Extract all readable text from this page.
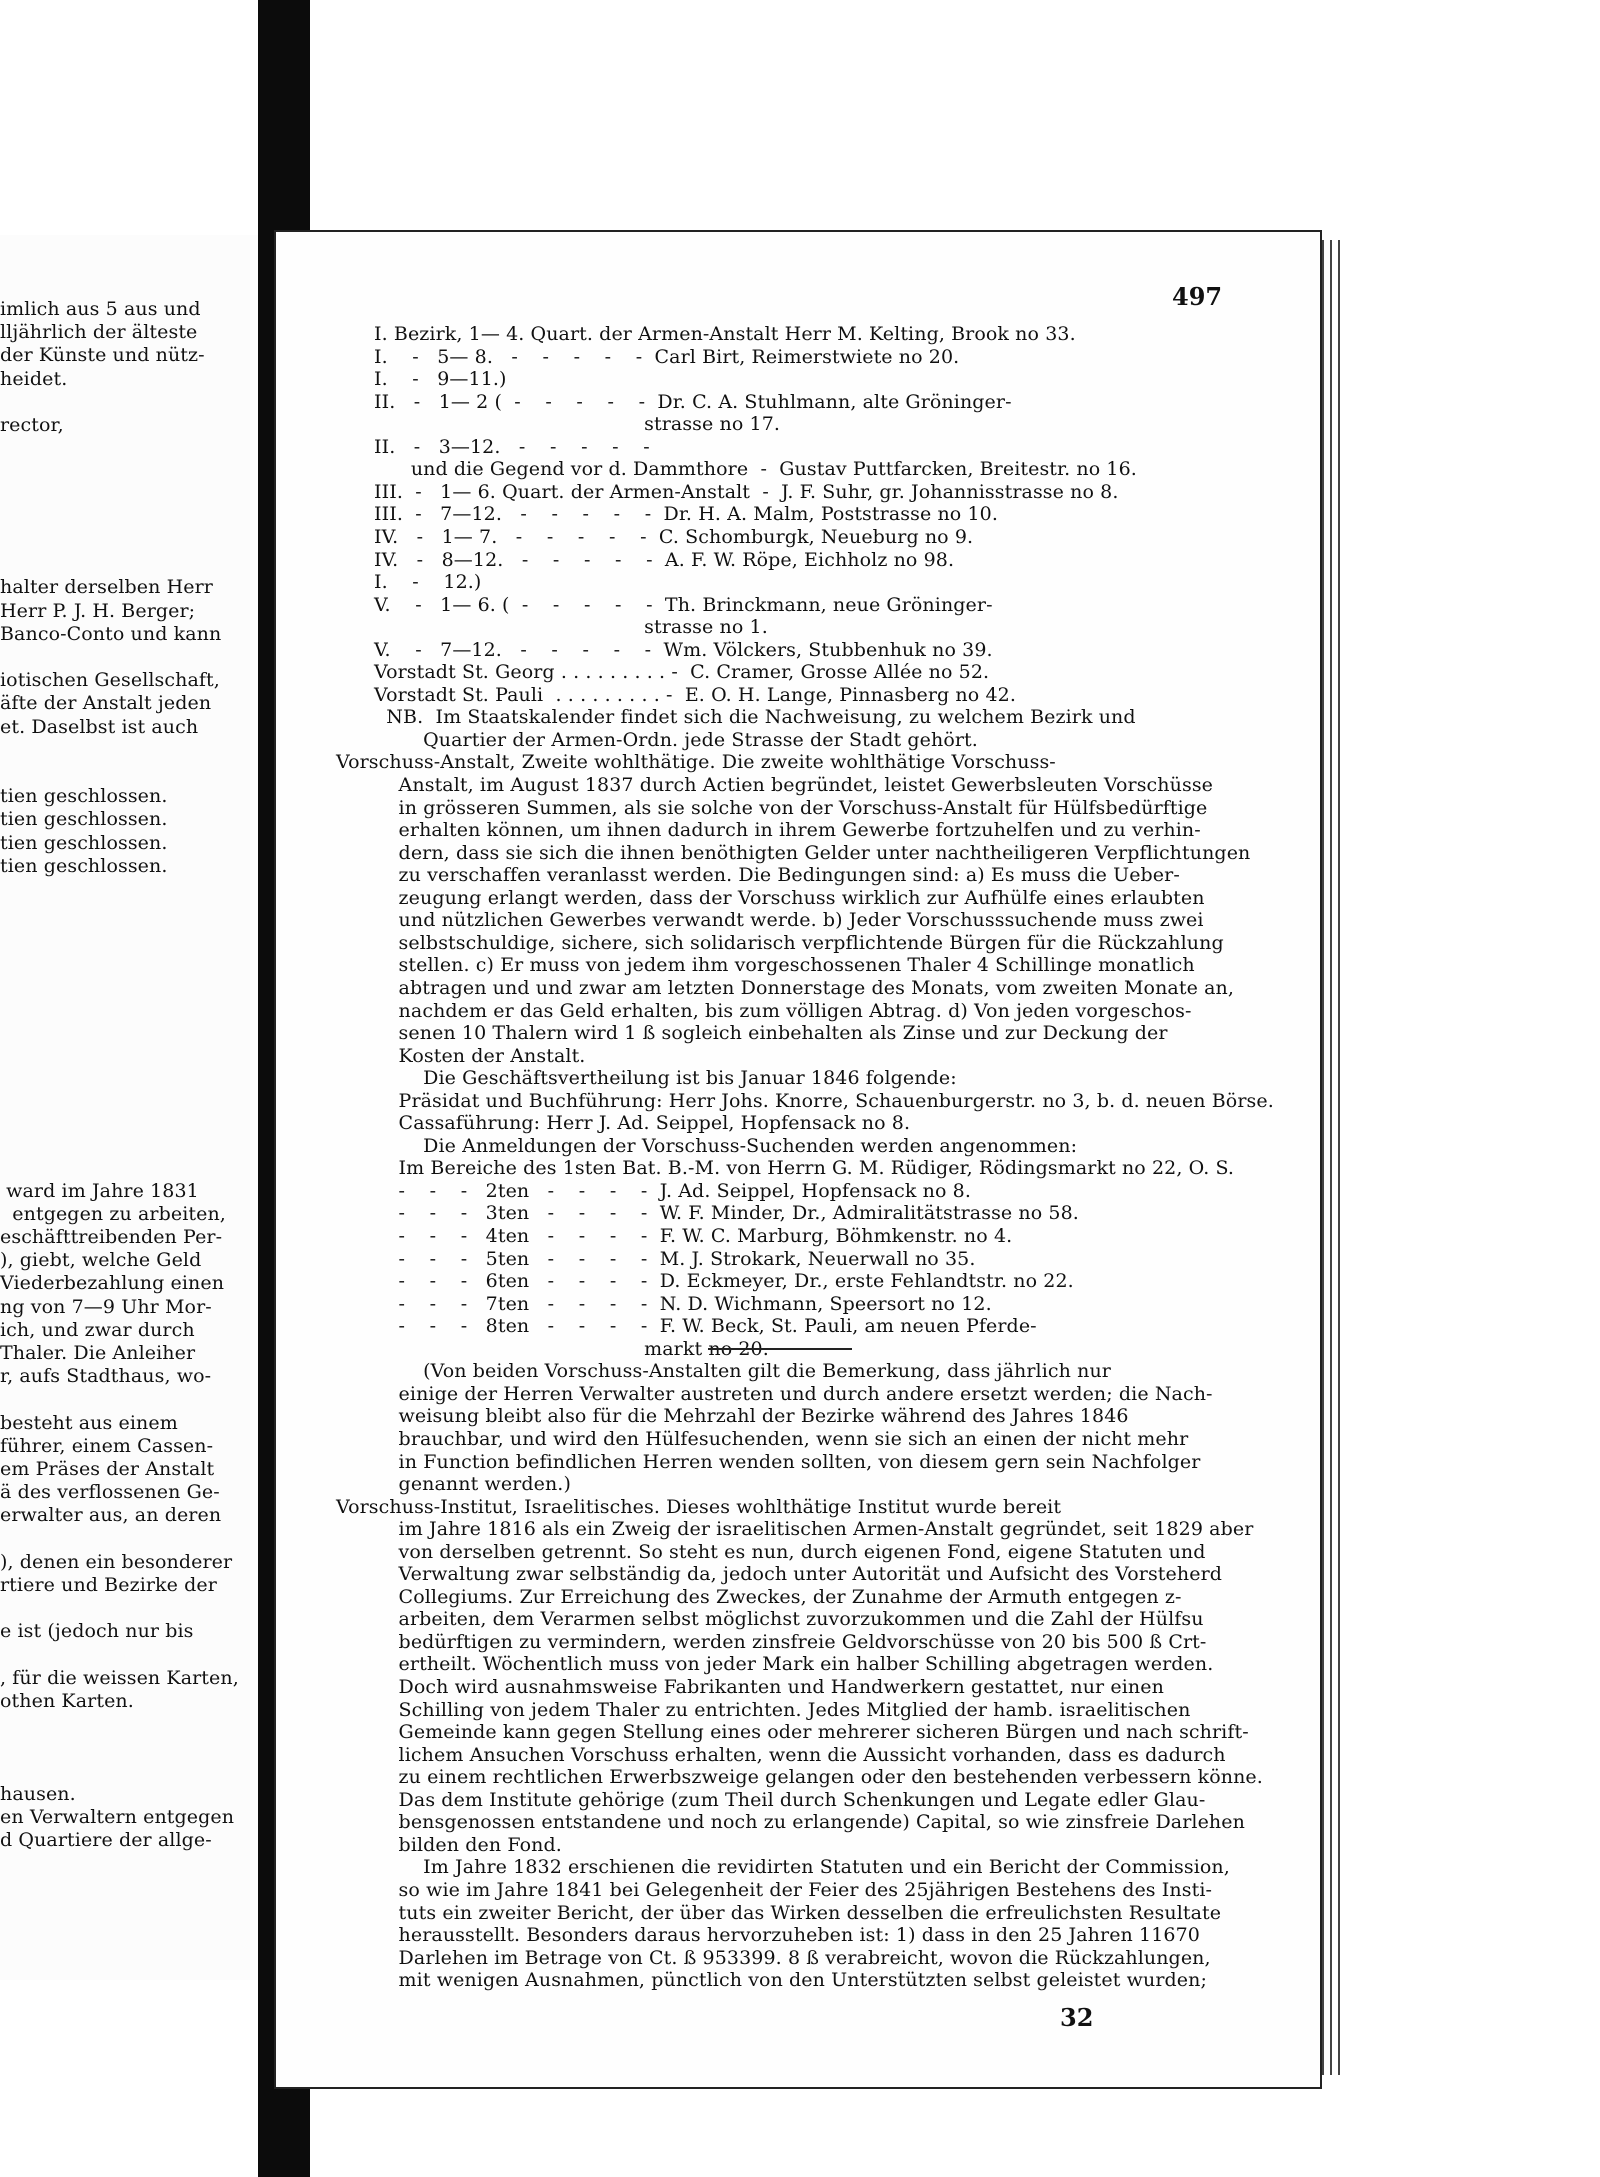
imlich aus 5 aus und
lljährlich der älteste
der Künste und nütz-
heidet.
rector,
halter derselben Herr
Herr P. J. H. Berger;
Banco-Conto und kann
iotischen Gesellschaft,
äfte der Anstalt jeden
et. Daselbst ist auch
tien geschlossen.
tien geschlossen.
tien geschlossen.
tien geschlossen.
ward im Jahre 1831
entgegen zu arbeiten,
eschäfttreibenden Per-
), giebt, welche Geld
Viederbezahlung einen
ng von 7—9 Uhr Mor-
ich, und zwar durch
Thaler. Die Anleiher
r, aufs Stadthaus, wo-
besteht aus einem
führer, einem Cassen-
em Präses der Anstalt
ä des verflossenen Ge-
erwalter aus, an deren
), denen ein besonderer
rtiere und Bezirke der
e ist (jedoch nur bis
, für die weissen Karten,
othen Karten.
hausen.
en Verwaltern entgegen
d Quartiere der allge-
497
I. Bezirk, 1— 4. Quart. der Armen-Anstalt Herr M. Kelting, Brook no 33.
I.    -   5— 8.   -    -    -    -    -  Carl Birt, Reimerstwiete no 20.
I.    -   9—11.)
II.   -   1— 2 (  -    -    -    -    -  Dr. C. A. Stuhlmann, alte Gröninger-
strasse no 17.
II.   -   3—12.   -    -    -    -    -
und die Gegend vor d. Dammthore  -  Gustav Puttfarcken, Breitestr. no 16.
III.  -   1— 6. Quart. der Armen-Anstalt  -  J. F. Suhr, gr. Johannisstrasse no 8.
III.  -   7—12.   -    -    -    -    -  Dr. H. A. Malm, Poststrasse no 10.
IV.   -   1— 7.   -    -    -    -    -  C. Schomburgk, Neueburg no 9.
IV.   -   8—12.   -    -    -    -    -  A. F. W. Röpe, Eichholz no 98.
I.    -    12.)
V.    -   1— 6. (  -    -    -    -    -  Th. Brinckmann, neue Gröninger-
strasse no 1.
V.    -   7—12.   -    -    -    -    -  Wm. Völckers, Stubbenhuk no 39.
Vorstadt St. Georg . . . . . . . . . -  C. Cramer, Grosse Allée no 52.
Vorstadt St. Pauli  . . . . . . . . . -  E. O. H. Lange, Pinnasberg no 42.
NB.  Im Staatskalender findet sich die Nachweisung, zu welchem Bezirk und
Quartier der Armen-Ordn. jede Strasse der Stadt gehört.
Vorschuss-Anstalt, Zweite wohlthätige. Die zweite wohlthätige Vorschuss-
Anstalt, im August 1837 durch Actien begründet, leistet Gewerbsleuten Vorschüsse
in grösseren Summen, als sie solche von der Vorschuss-Anstalt für Hülfsbedürftige
erhalten können, um ihnen dadurch in ihrem Gewerbe fortzuhelfen und zu verhin-
dern, dass sie sich die ihnen benöthigten Gelder unter nachtheiligeren Verpflichtungen
zu verschaffen veranlasst werden. Die Bedingungen sind: a) Es muss die Ueber-
zeugung erlangt werden, dass der Vorschuss wirklich zur Aufhülfe eines erlaubten
und nützlichen Gewerbes verwandt werde. b) Jeder Vorschusssuchende muss zwei
selbstschuldige, sichere, sich solidarisch verpflichtende Bürgen für die Rückzahlung
stellen. c) Er muss von jedem ihm vorgeschossenen Thaler 4 Schillinge monatlich
abtragen und und zwar am letzten Donnerstage des Monats, vom zweiten Monate an,
nachdem er das Geld erhalten, bis zum völligen Abtrag. d) Von jeden vorgeschos-
senen 10 Thalern wird 1 ß sogleich einbehalten als Zinse und zur Deckung der
Kosten der Anstalt.
Die Geschäftsvertheilung ist bis Januar 1846 folgende:
Präsidat und Buchführung: Herr Johs. Knorre, Schauenburgerstr. no 3, b. d. neuen Börse.
Cassaführung: Herr J. Ad. Seippel, Hopfensack no 8.
Die Anmeldungen der Vorschuss-Suchenden werden angenommen:
Im Bereiche des 1sten Bat. B.-M. von Herrn G. M. Rüdiger, Rödingsmarkt no 22, O. S.
-    -    -   2ten   -    -    -    -  J. Ad. Seippel, Hopfensack no 8.
-    -    -   3ten   -    -    -    -  W. F. Minder, Dr., Admiralitätstrasse no 58.
-    -    -   4ten   -    -    -    -  F. W. C. Marburg, Böhmkenstr. no 4.
-    -    -   5ten   -    -    -    -  M. J. Strokark, Neuerwall no 35.
-    -    -   6ten   -    -    -    -  D. Eckmeyer, Dr., erste Fehlandtstr. no 22.
-    -    -   7ten   -    -    -    -  N. D. Wichmann, Speersort no 12.
-    -    -   8ten   -    -    -    -  F. W. Beck, St. Pauli, am neuen Pferde-
markt no 20.
(Von beiden Vorschuss-Anstalten gilt die Bemerkung, dass jährlich nur
einige der Herren Verwalter austreten und durch andere ersetzt werden; die Nach-
weisung bleibt also für die Mehrzahl der Bezirke während des Jahres 1846
brauchbar, und wird den Hülfesuchenden, wenn sie sich an einen der nicht mehr
in Function befindlichen Herren wenden sollten, von diesem gern sein Nachfolger
genannt werden.)
Vorschuss-Institut, Israelitisches. Dieses wohlthätige Institut wurde bereit
im Jahre 1816 als ein Zweig der israelitischen Armen-Anstalt gegründet, seit 1829 aber
von derselben getrennt. So steht es nun, durch eigenen Fond, eigene Statuten und
Verwaltung zwar selbständig da, jedoch unter Autorität und Aufsicht des Vorsteherd
Collegiums. Zur Erreichung des Zweckes, der Zunahme der Armuth entgegen z-
arbeiten, dem Verarmen selbst möglichst zuvorzukommen und die Zahl der Hülfsu
bedürftigen zu vermindern, werden zinsfreie Geldvorschüsse von 20 bis 500 ß Crt-
ertheilt. Wöchentlich muss von jeder Mark ein halber Schilling abgetragen werden.
Doch wird ausnahmsweise Fabrikanten und Handwerkern gestattet, nur einen
Schilling von jedem Thaler zu entrichten. Jedes Mitglied der hamb. israelitischen
Gemeinde kann gegen Stellung eines oder mehrerer sicheren Bürgen und nach schrift-
lichem Ansuchen Vorschuss erhalten, wenn die Aussicht vorhanden, dass es dadurch
zu einem rechtlichen Erwerbszweige gelangen oder den bestehenden verbessern könne.
Das dem Institute gehörige (zum Theil durch Schenkungen und Legate edler Glau-
bensgenossen entstandene und noch zu erlangende) Capital, so wie zinsfreie Darlehen
bilden den Fond.
Im Jahre 1832 erschienen die revidirten Statuten und ein Bericht der Commission,
so wie im Jahre 1841 bei Gelegenheit der Feier des 25jährigen Bestehens des Insti-
tuts ein zweiter Bericht, der über das Wirken desselben die erfreulichsten Resultate
herausstellt. Besonders daraus hervorzuheben ist: 1) dass in den 25 Jahren 11670
Darlehen im Betrage von Ct. ß 953399. 8 ß verabreicht, wovon die Rückzahlungen,
mit wenigen Ausnahmen, pünctlich von den Unterstützten selbst geleistet wurden;
32
